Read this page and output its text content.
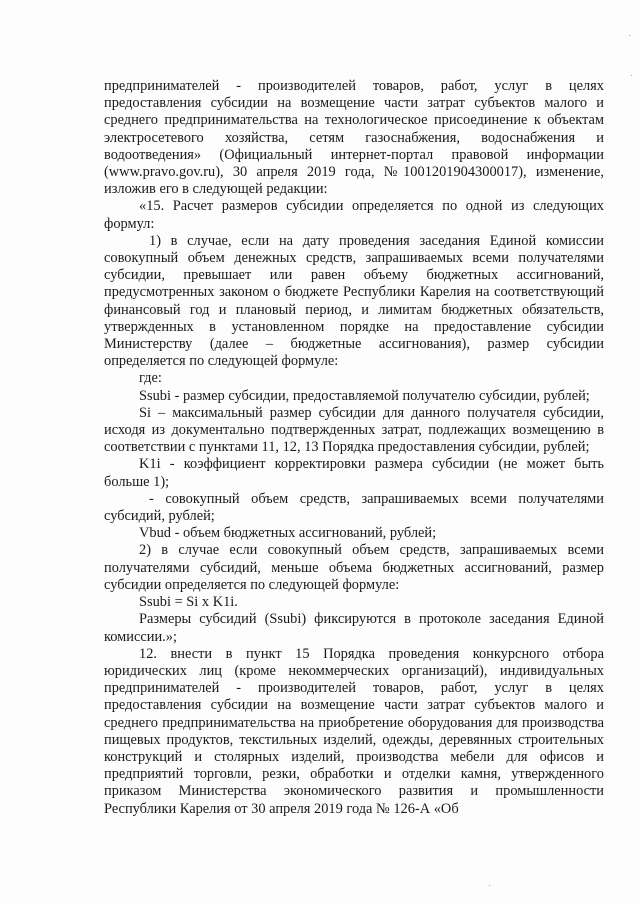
предпринимателей - производителей товаров, работ, услуг в целях предоставления субсидии на возмещение части затрат субъектов малого и среднего предпринимательства на технологическое присоединение к объектам электросетевого хозяйства, сетям газоснабжения, водоснабжения и водоотведения» (Официальный интернет-портал правовой информации (www.pravo.gov.ru), 30 апреля 2019 года, №1001201904300017), изменение, изложив его в следующей редакции:

«15. Расчет размеров субсидии определяется по одной из следующих формул:

1) в случае, если на дату проведения заседания Единой комиссии совокупный объем денежных средств, запрашиваемых всеми получателями субсидии, превышает или равен объему бюджетных ассигнований, предусмотренных законом о бюджете Республики Карелия на соответствующий финансовый год и плановый период, и лимитам бюджетных обязательств, утвержденных в установленном порядке на предоставление субсидии Министерству (далее – бюджетные ассигнования), размер субсидии определяется по следующей формуле:

где:

Ssubi - размер субсидии, предоставляемой получателю субсидии, рублей;

Si – максимальный размер субсидии для данного получателя субсидии, исходя из документально подтвержденных затрат, подлежащих возмещению в соответствии с пунктами 11, 12, 13 Порядка предоставления субсидии, рублей;

K1i - коэффициент корректировки размера субсидии (не может быть больше 1);

- совокупный объем средств, запрашиваемых всеми получателями субсидий, рублей;

Vbud - объем бюджетных ассигнований, рублей;

2) в случае если совокупный объем средств, запрашиваемых всеми получателями субсидий, меньше объема бюджетных ассигнований, размер субсидии определяется по следующей формуле:

Ssubi = Si x K1i.

Размеры субсидий (Ssubi) фиксируются в протоколе заседания Единой комиссии.»;

12. внести в пункт 15 Порядка проведения конкурсного отбора юридических лиц (кроме некоммерческих организаций), индивидуальных предпринимателей - производителей товаров, работ, услуг в целях предоставления субсидии на возмещение части затрат субъектов малого и среднего предпринимательства на приобретение оборудования для производства пищевых продуктов, текстильных изделий, одежды, деревянных строительных конструкций и столярных изделий, производства мебели для офисов и предприятий торговли, резки, обработки и отделки камня, утвержденного приказом Министерства экономического развития и промышленности Республики Карелия от 30 апреля 2019 года № 126-А «Об

·
·
·
